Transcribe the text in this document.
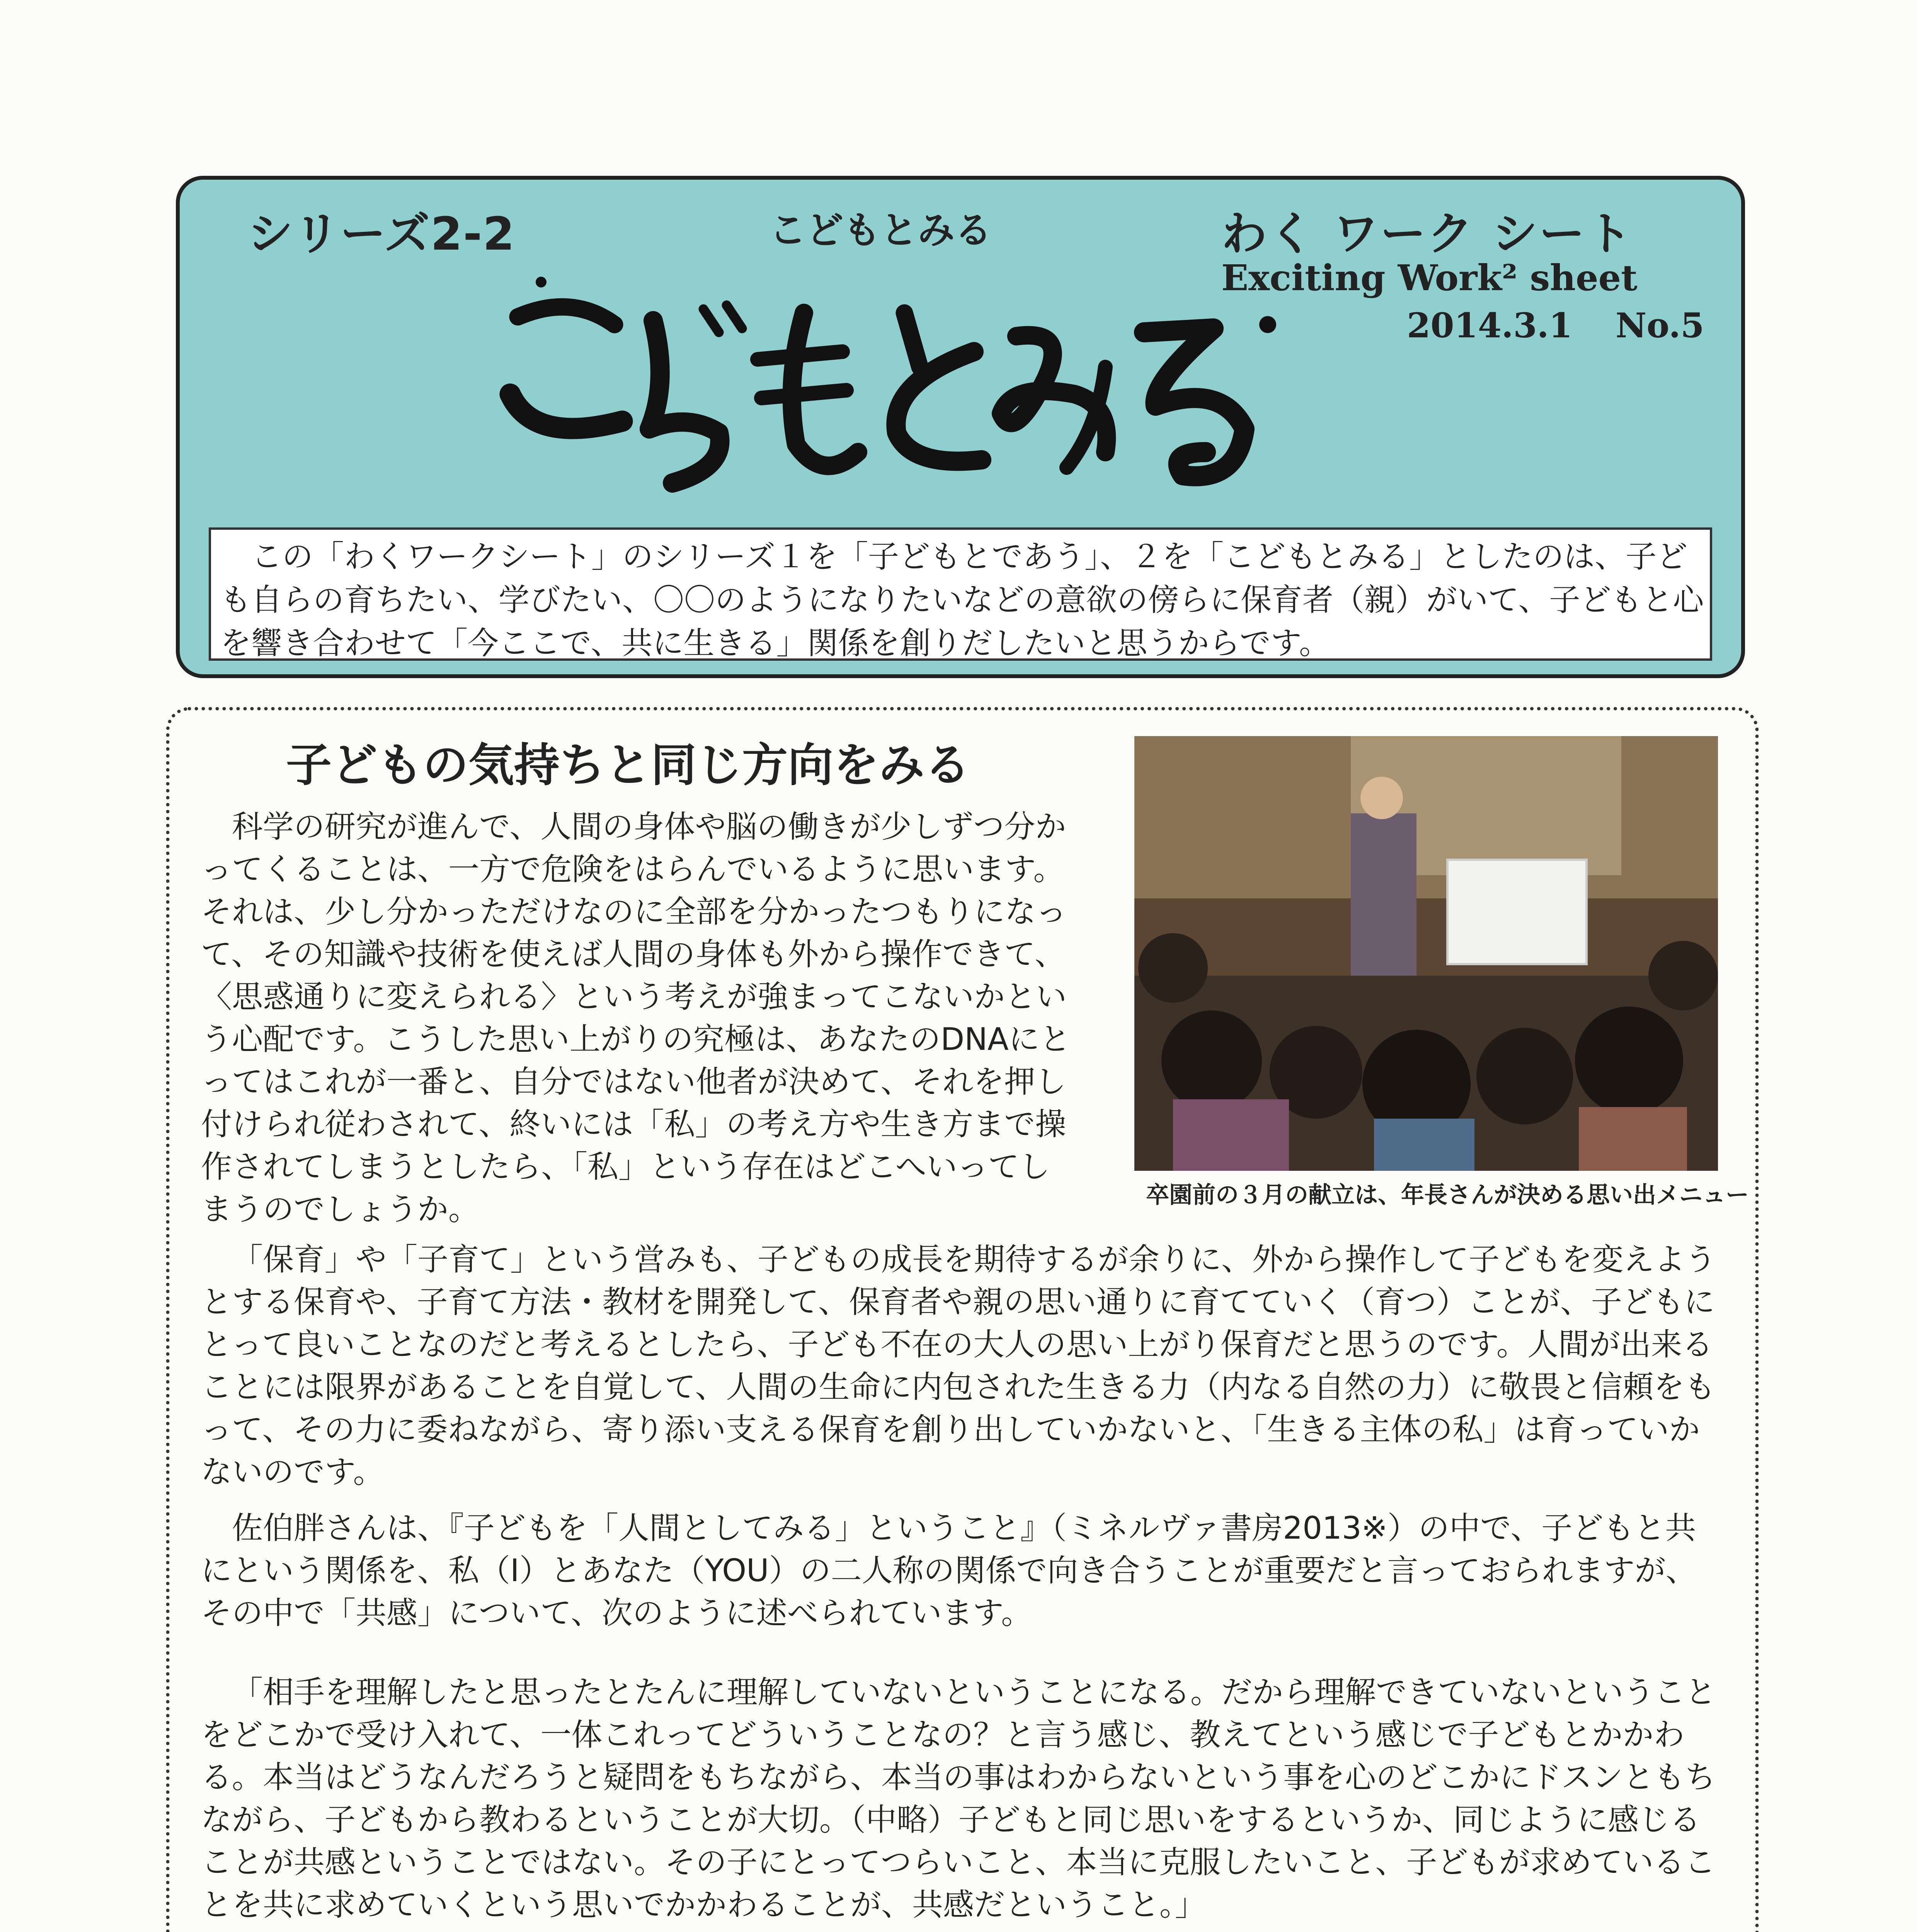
シリーズ2-2	こどもとみる	わく ワーク シート
Exciting Work² sheet
2014.3.1 No.5
この「わくワークシート」のシリーズ１を「子どもとであう」、２を「こどもとみる」としたのは、子ども自らの育ちたい、学びたい、〇〇のようになりたいなどの意欲の傍らに保育者（親）がいて、子どもと心を響き合わせて「今ここで、共に生きる」関係を創りだしたいと思うからです。
子どもの気持ちと同じ方向をみる
卒園前の３月の献立は、年長さんが決める思い出メニュー
科学の研究が進んで、人間の身体や脳の働きが少しずつ分かってくることは、一方で危険をはらんでいるように思います。それは、少し分かっただけなのに全部を分かったつもりになって、その知識や技術を使えば人間の身体も外から操作できて、〈思惑通りに変えられる〉という考えが強まってこないかという心配です。こうした思い上がりの究極は、あなたのDNAにとってはこれが一番と、自分ではない他者が決めて、それを押し付けられ従わされて、終いには「私」の考え方や生き方まで操作されてしまうとしたら、「私」という存在はどこへいってしまうのでしょうか。
「保育」や「子育て」という営みも、子どもの成長を期待するが余りに、外から操作して子どもを変えようとする保育や、子育て方法・教材を開発して、保育者や親の思い通りに育てていく（育つ）ことが、子どもにとって良いことなのだと考えるとしたら、子ども不在の大人の思い上がり保育だと思うのです。人間が出来ることには限界があることを自覚して、人間の生命に内包された生きる力（内なる自然の力）に敬畏と信頼をもって、その力に委ねながら、寄り添い支える保育を創り出していかないと、「生きる主体の私」は育っていかないのです。
佐伯胖さんは、『子どもを「人間としてみる」ということ』（ミネルヴァ書房2013※）の中で、子どもと共にという関係を、私（I）とあなた（YOU）の二人称の関係で向き合うことが重要だと言っておられますが、その中で「共感」について、次のように述べられています。
「相手を理解したと思ったとたんに理解していないということになる。だから理解できていないということをどこかで受け入れて、一体これってどういうことなの？と言う感じ、教えてという感じで子どもとかかわる。本当はどうなんだろうと疑問をもちながら、本当の事はわからないという事を心のどこかにドスンともちながら、子どもから教わるということが大切。（中略）子どもと同じ思いをするというか、同じように感じることが共感ということではない。その子にとってつらいこと、本当に克服したいこと、子どもが求めていることを共に求めていくという思いでかかわることが、共感だということ。」
